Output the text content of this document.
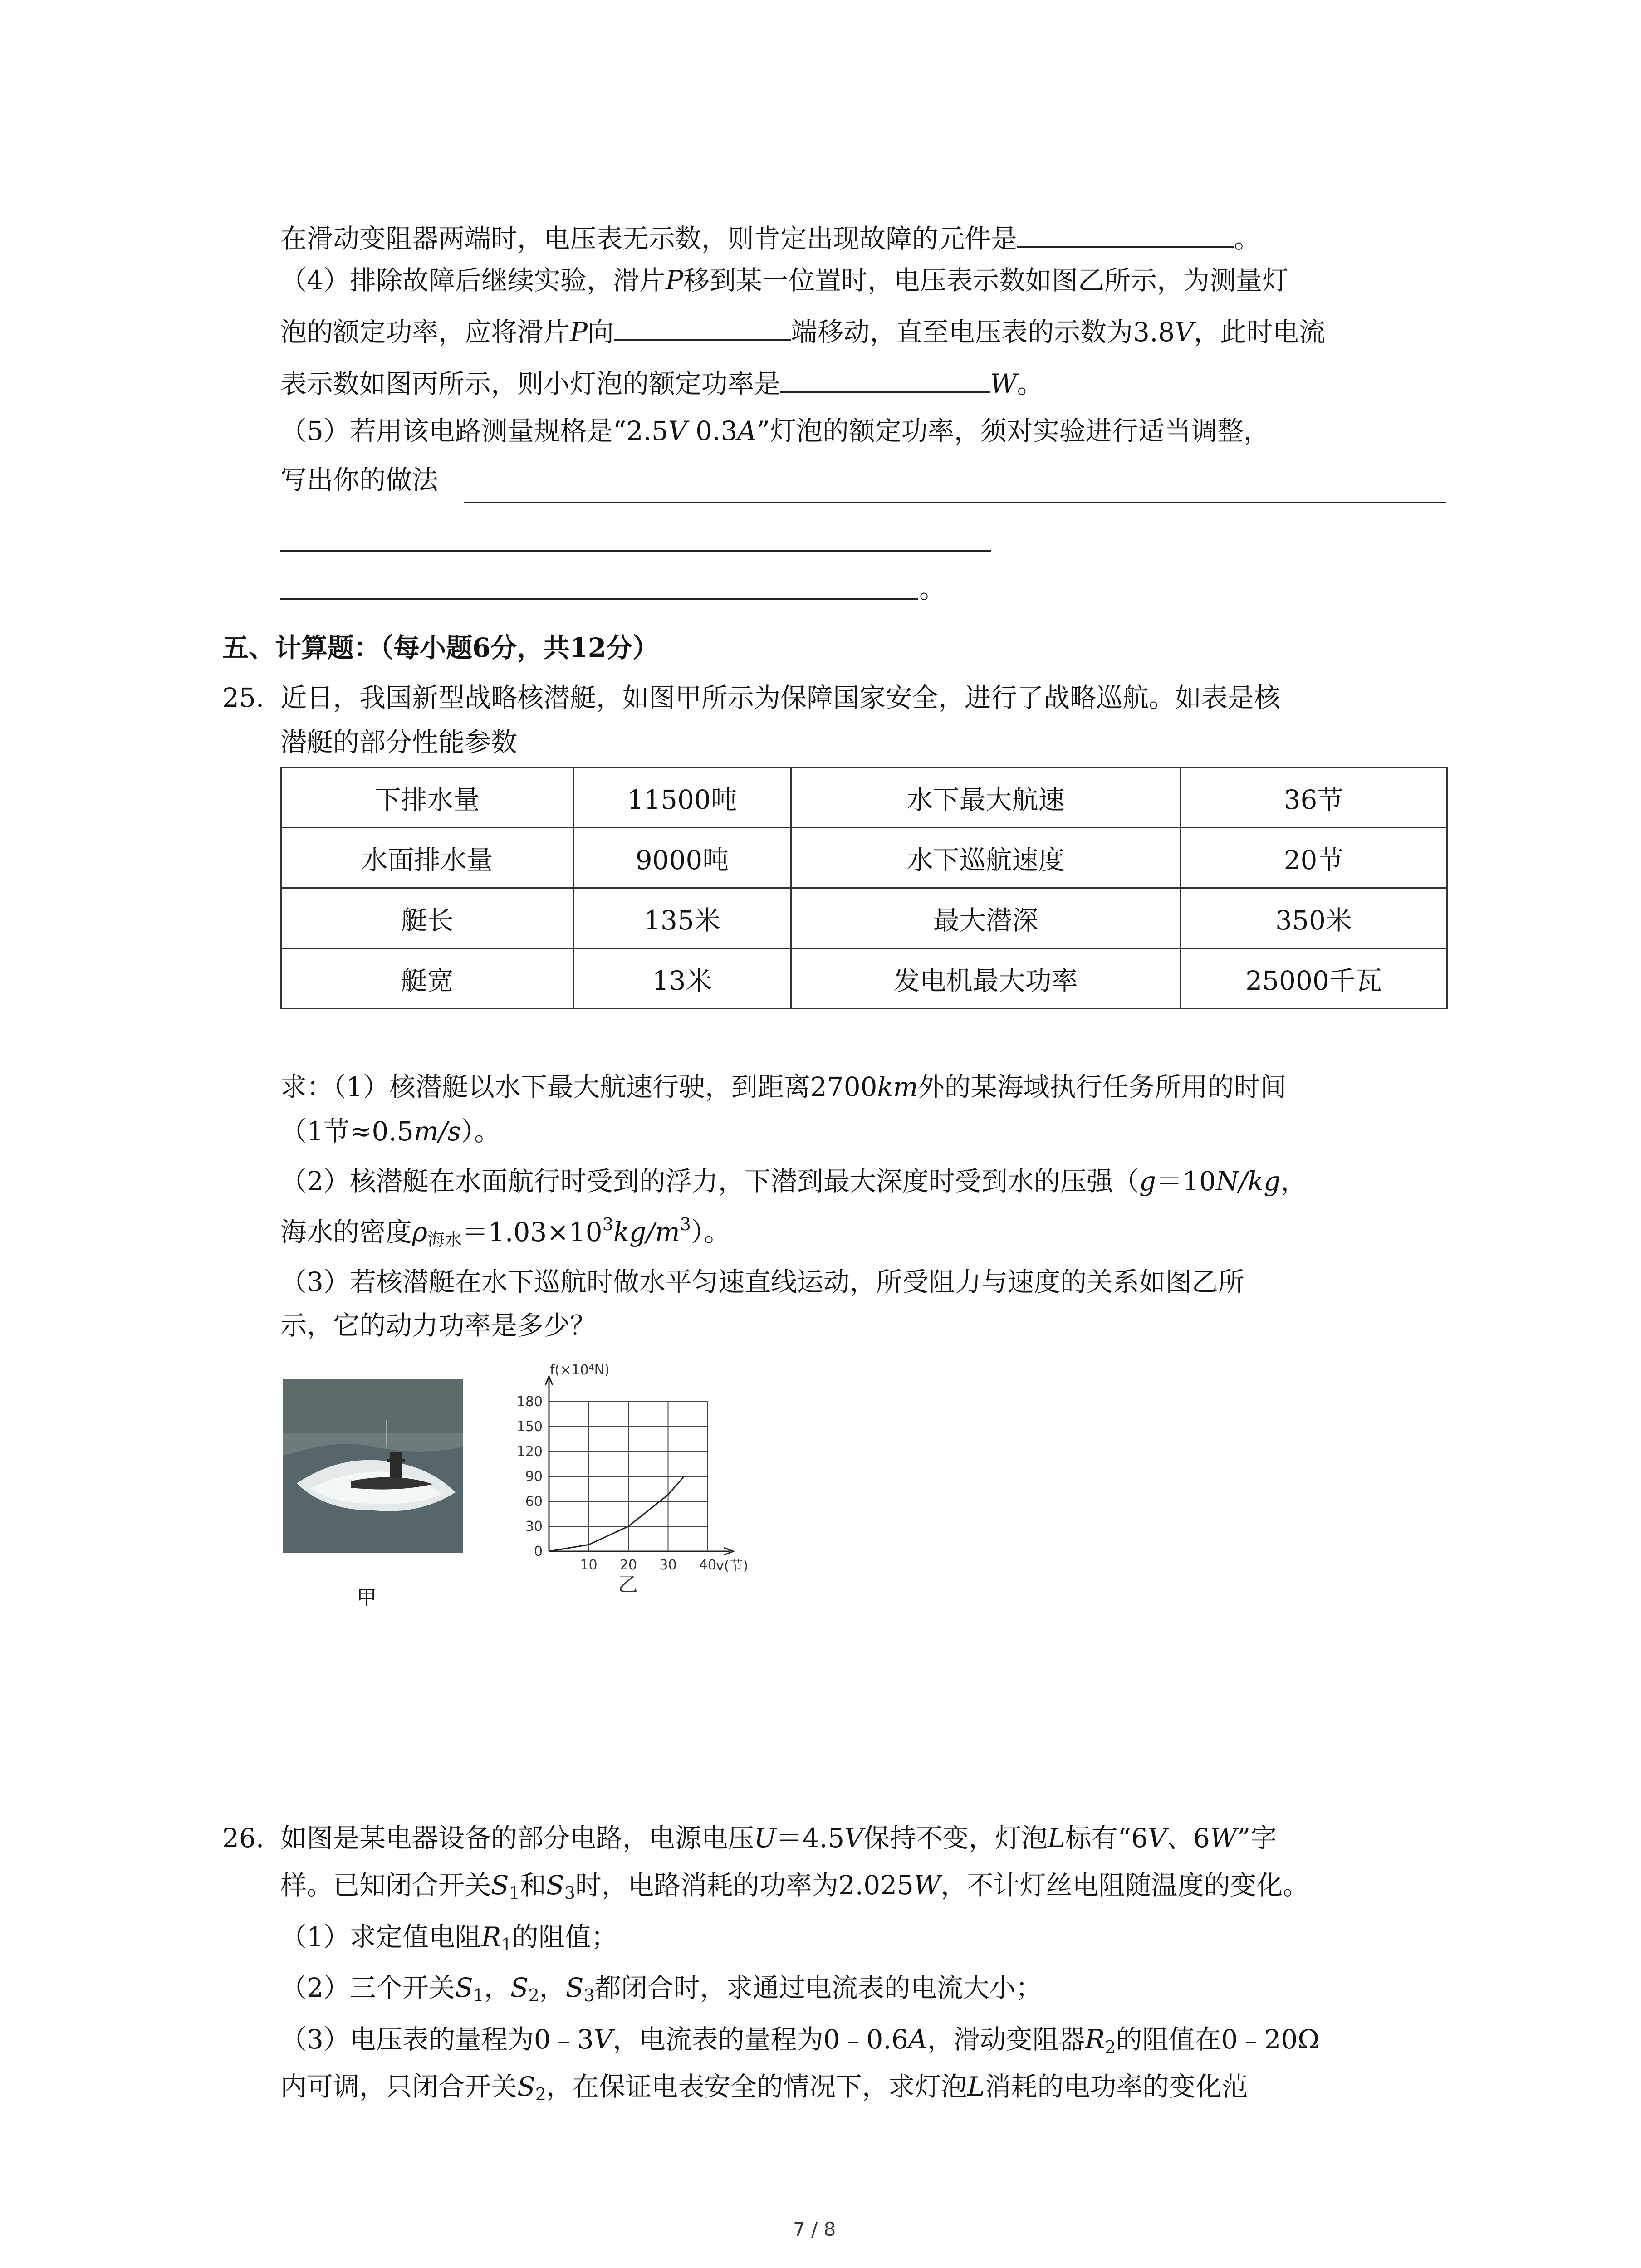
在滑动变阻器两端时，电压表无示数，则肯定出现故障的元件是	。
（4）排除故障后继续实验，滑片P移到某一位置时，电压表示数如图乙所示，为测量灯
泡的额定功率，应将滑片P向	端移动，直至电压表的示数为3.8V，此时电流
表示数如图丙所示，则小灯泡的额定功率是	W。
（5）若用该电路测量规格是“2.5V 0.3A”灯泡的额定功率，须对实验进行适当调整，
写出你的做法
。
五、计算题：（每小题6分，共12分）
25. 近日，我国新型战略核潜艇，如图甲所示为保障国家安全，进行了战略巡航。如表是核
潜艇的部分性能参数
下排水量	11500吨	水下最大航速	36节
水面排水量	9000吨	水下巡航速度	20节
艇长	135米	最大潜深	350米
艇宽	13米	发电机最大功率	25000千瓦
求：（1）核潜艇以水下最大航速行驶，到距离2700km外的某海域执行任务所用的时间
（1节≈0.5m/s）。
（2）核潜艇在水面航行时受到的浮力，下潜到最大深度时受到水的压强（g＝10N/kg，
海水的密度$\rho_{海水}=1.03\times 10^3kg/m^3$）。
（3）若核潜艇在水下巡航时做水平匀速直线运动，所受阻力与速度的关系如图乙所
示，它的动力功率是多少？
甲
0
30
60
90
120
150
180
10 20 30 40
f(×10⁴N)
v(节)
乙
26. 如图是某电器设备的部分电路，电源电压U＝4.5V保持不变，灯泡L标有“6V、6W”字
样。已知闭合开关$S_1$和$S_3$时，电路消耗的功率为2.025W，不计灯丝电阻随温度的变化。
（1）求定值电阻$R_1$的阻值；
（2）三个开关$S_1$，$S_2$，$S_3$都闭合时，求通过电流表的电流大小；
（3）电压表的量程为0﹣3V，电流表的量程为0﹣0.6A，滑动变阻器$R_2$的阻值在0﹣20Ω
内可调，只闭合开关$S_2$，在保证电表安全的情况下，求灯泡L消耗的电功率的变化范
7 / 8
